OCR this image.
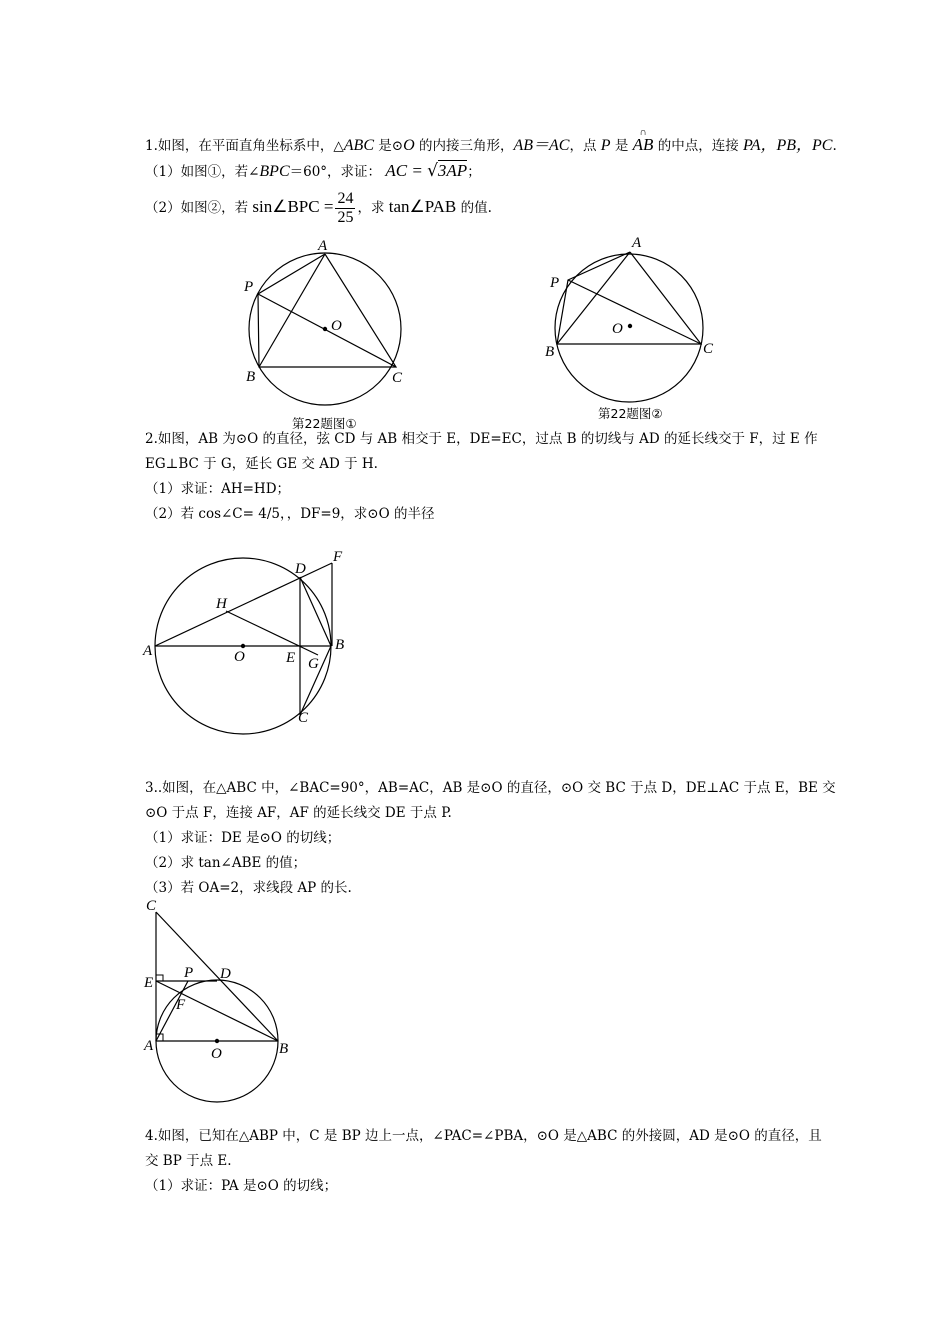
1.如图，在平面直角坐标系中，△ABC 是⊙O 的内接三角形，AB＝AC，点 P 是 ∩ AB 的中点，连接 PA，PB，PC.
（1）如图①，若∠BPC＝60°，求证： AC = √3AP；
（2）如图②，若 sin∠BPC = $\frac{24}{25}$ ，求 tan∠PAB 的值.
A
P
O
B	C
第22题图①
A
P
O
B	C
第22题图②
2.如图，AB 为⊙O 的直径，弦 CD 与 AB 相交于 E，DE=EC，过点 B 的切线与 AD 的延长线交于 F，过 E 作
EG⊥BC 于 G，延长 GE 交 AD 于 H.
（1）求证：AH=HD；
（2）若 cos∠C= 4/5，，DF=9，求⊙O 的半径
A	O
H
D
F
B
E G
C
3..如图，在△ABC 中，∠BAC=90°，AB=AC，AB 是⊙O 的直径，⊙O 交 BC 于点 D，DE⊥AC 于点 E，BE 交
⊙O 于点 F，连接 AF，AF 的延长线交 DE 于点 P.
（1）求证：DE 是⊙O 的切线；
（2）求 tan∠ABE 的值；
（3）若 OA=2，求线段 AP 的长.
C
E
P D
F
A	O	B
4.如图，已知在△ABP 中，C 是 BP 边上一点，∠PAC=∠PBA，⊙O 是△ABC 的外接圆，AD 是⊙O 的直径，且
交 BP 于点 E.
（1）求证：PA 是⊙O 的切线；
